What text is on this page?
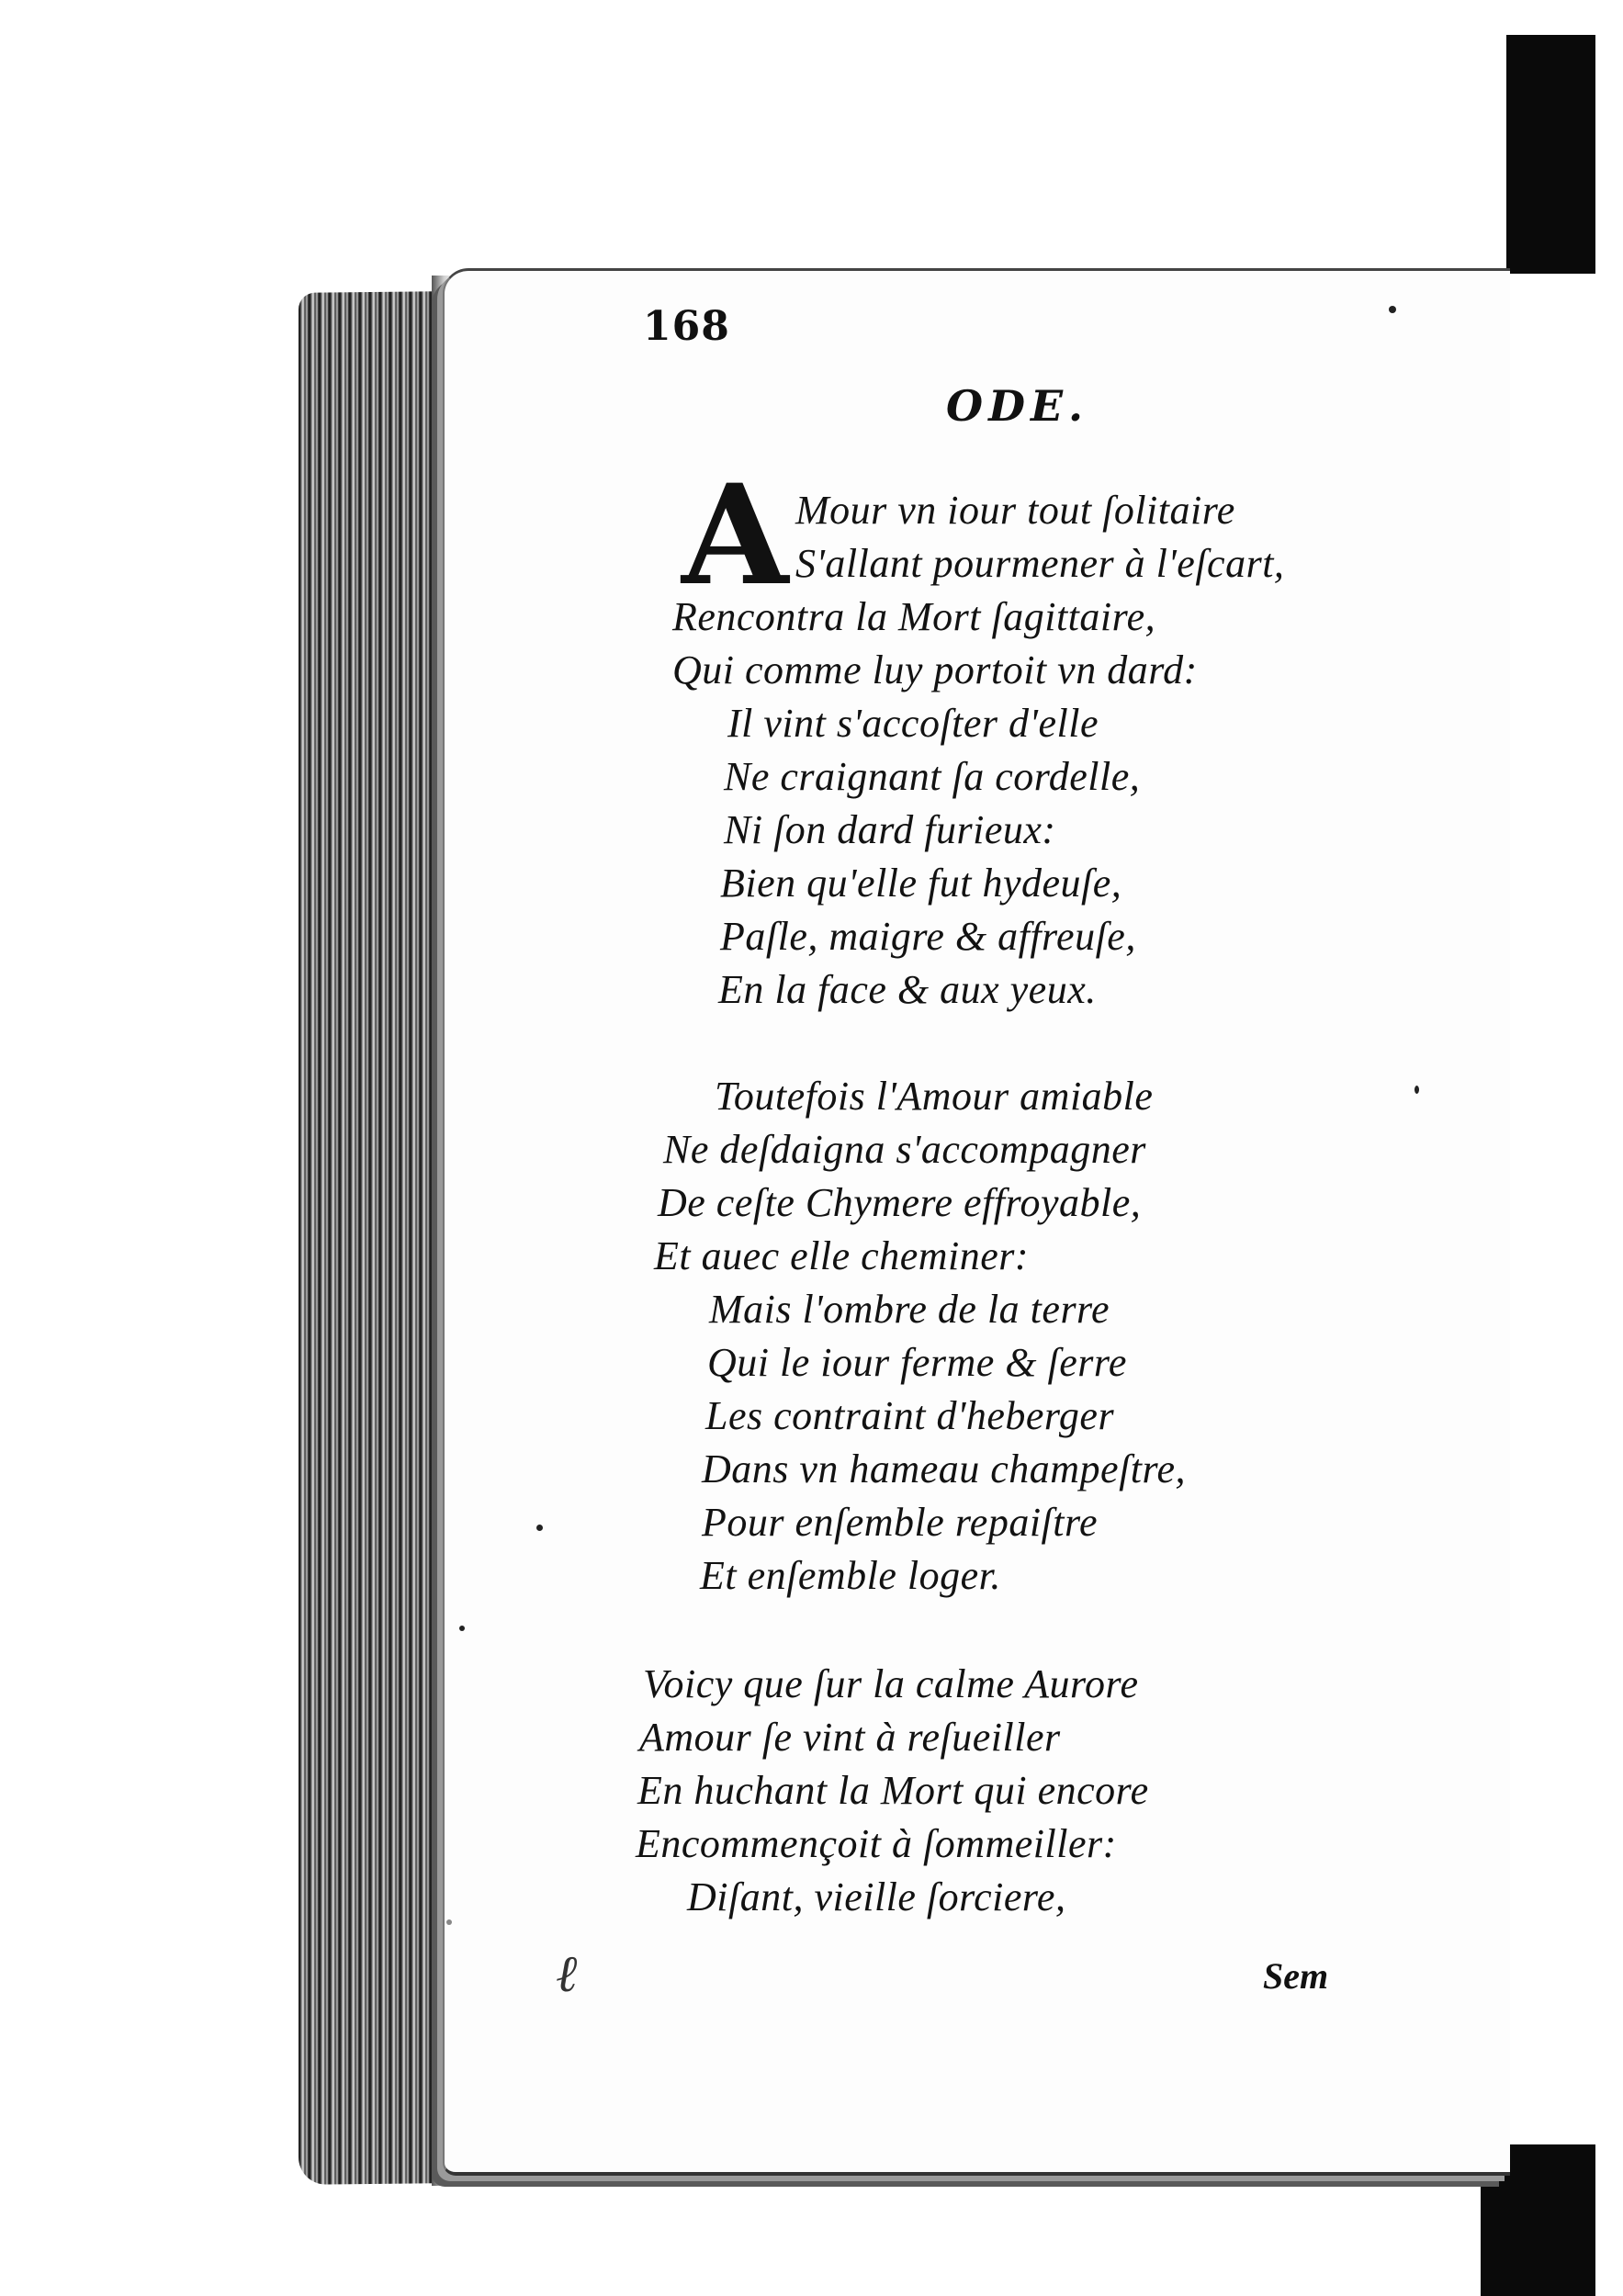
168
ODE.
A Mour vn iour tout ſolitaire
S'allant pourmener à l'eſcart,
Rencontra la Mort ſagittaire,
Qui comme luy portoit vn dard:
Il vint s'accoſter d'elle
Ne craignant ſa cordelle,
Ni ſon dard furieux:
Bien qu'elle fut hydeuſe,
Paſle, maigre & affreuſe,
En la face & aux yeux.
Toutefois l'Amour amiable
Ne deſdaigna s'accompagner
De ceſte Chymere effroyable,
Et auec elle cheminer:
Mais l'ombre de la terre
Qui le iour ferme & ſerre
Les contraint d'heberger
Dans vn hameau champeſtre,
Pour enſemble repaiſtre
Et enſemble loger.
Voicy que ſur la calme Aurore
Amour ſe vint à reſueiller
En huchant la Mort qui encore
Encommençoit à ſommeiller:
Diſant, vieille ſorciere,
ℓ	Sem
